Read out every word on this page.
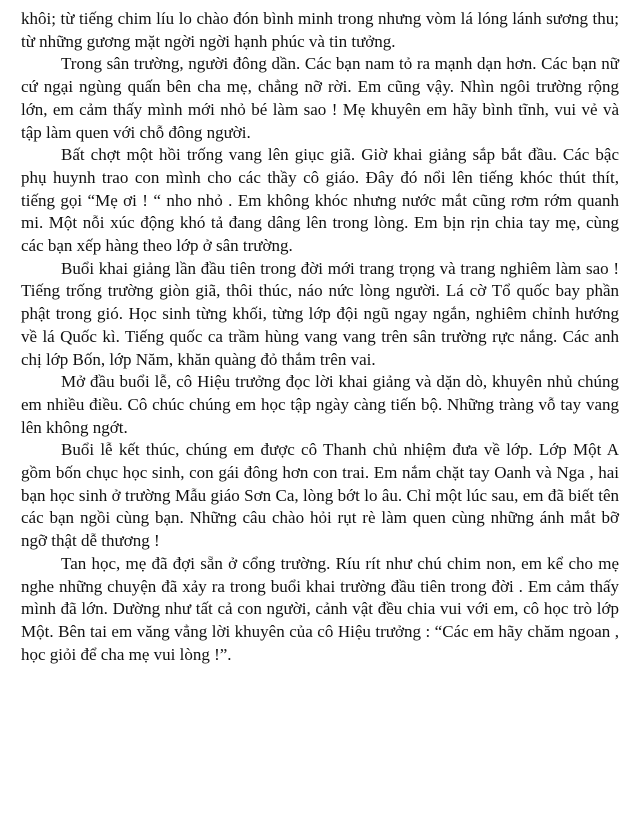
khôi; từ tiếng chim líu lo chào đón bình minh trong nhưng vòm lá lóng lánh sương thu; từ những gương mặt ngời ngời hạnh phúc và tin tưởng.

Trong sân trường, người đông dần. Các bạn nam tỏ ra mạnh dạn hơn. Các bạn nữ cứ ngại ngùng quấn bên cha mẹ, chẳng nỡ rời. Em cũng vậy. Nhìn ngôi trường rộng lớn, em cảm thấy mình mới nhỏ bé làm sao ! Mẹ khuyên em hãy bình tĩnh, vui vẻ và tập làm quen với chỗ đông người.

Bất chợt một hồi trống vang lên giục giã. Giờ khai giảng sắp bắt đầu. Các bậc phụ huynh trao con mình cho các thầy cô giáo. Đây đó nổi lên tiếng khóc thút thít, tiếng gọi “Mẹ ơi ! “ nho nhỏ . Em không khóc nhưng nước mắt cũng rơm rớm quanh mi. Một nỗi xúc động khó tả đang dâng lên trong lòng. Em bịn rịn chia tay mẹ, cùng các bạn xếp hàng theo lớp ở sân trường.

Buổi khai giảng lần đầu tiên trong đời mới trang trọng và trang nghiêm làm sao ! Tiếng trống trường giòn giã, thôi thúc, náo nức lòng người. Lá cờ Tổ quốc bay phần phật trong gió. Học sinh từng khối, từng lớp đội ngũ ngay ngắn, nghiêm chỉnh hướng về lá Quốc kì. Tiếng quốc ca trầm hùng vang vang trên sân trường rực nắng. Các anh chị lớp Bốn, lớp Năm, khăn quàng đỏ thắm trên vai.

Mở đầu buổi lễ, cô Hiệu trưởng đọc lời khai giảng và dặn dò, khuyên nhủ chúng em nhiều điều. Cô chúc chúng em học tập ngày càng tiến bộ. Những tràng vỗ tay vang lên không ngớt.

Buổi lễ kết thúc, chúng em được cô Thanh chủ nhiệm đưa về lớp. Lớp Một A gồm bốn chục học sinh, con gái đông hơn con trai. Em nắm chặt tay Oanh và Nga , hai bạn học sinh ở trường Mẫu giáo Sơn Ca, lòng bớt lo âu. Chỉ một lúc sau, em đã biết tên các bạn ngồi cùng bạn. Những câu chào hỏi rụt rè làm quen cùng những ánh mắt bỡ ngỡ thật dễ thương !

Tan học, mẹ đã đợi sẵn ở cổng trường. Ríu rít như chú chim non, em kể cho mẹ nghe những chuyện đã xảy ra trong buổi khai trường đầu tiên trong đời . Em cảm thấy mình đã lớn. Dường như tất cả con người, cảnh vật đều chia vui với em, cô học trò lớp Một. Bên tai em văng vẳng lời khuyên của cô Hiệu trưởng : “Các em hãy chăm ngoan , học giỏi để cha mẹ vui lòng !”.
